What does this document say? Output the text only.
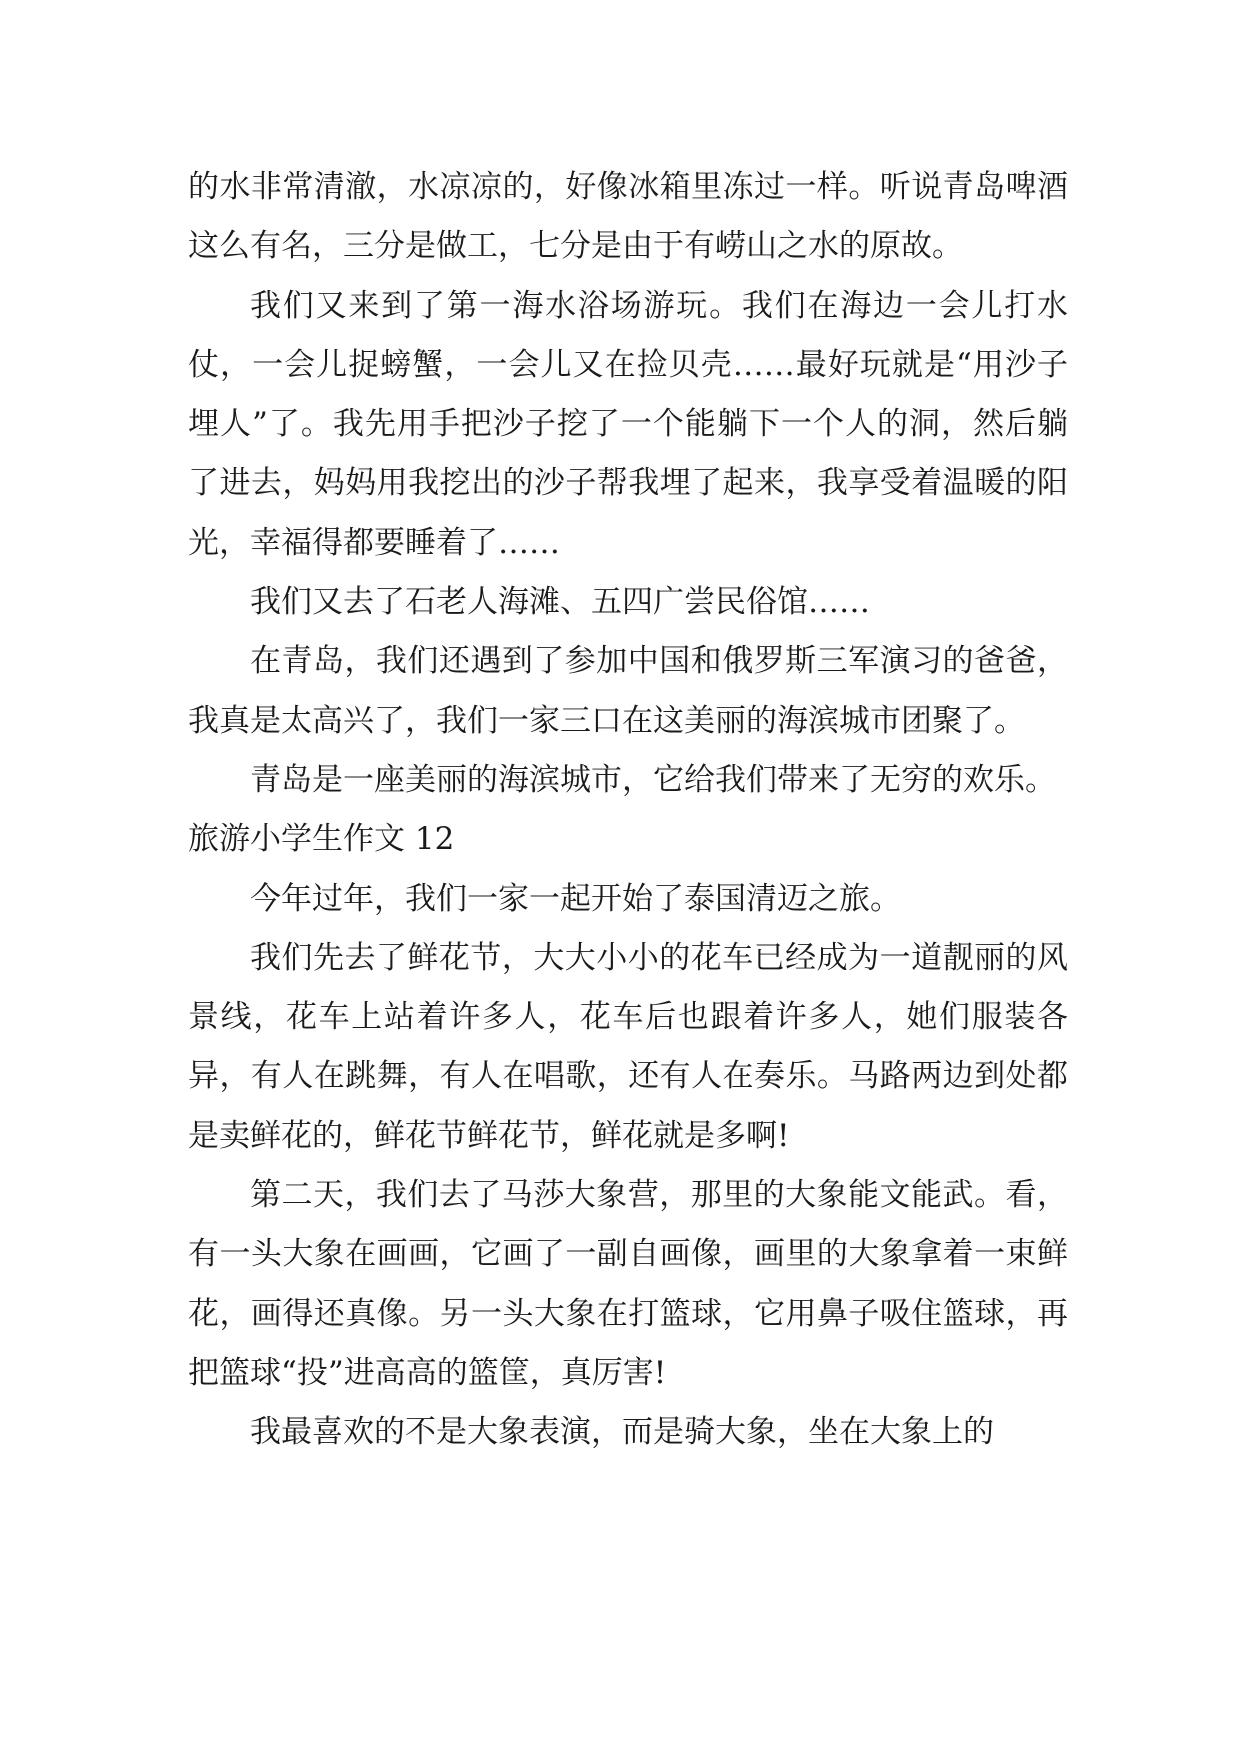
的水非常清澈，水凉凉的，好像冰箱里冻过一样。听说青岛啤酒这么有名，三分是做工，七分是由于有崂山之水的原故。

我们又来到了第一海水浴场游玩。我们在海边一会儿打水仗，一会儿捉螃蟹，一会儿又在捡贝壳……最好玩就是“用沙子埋人”了。我先用手把沙子挖了一个能躺下一个人的洞，然后躺了进去，妈妈用我挖出的沙子帮我埋了起来，我享受着温暖的阳光，幸福得都要睡着了……

我们又去了石老人海滩、五四广尝民俗馆……

在青岛，我们还遇到了参加中国和俄罗斯三军演习的爸爸，我真是太高兴了，我们一家三口在这美丽的海滨城市团聚了。

青岛是一座美丽的海滨城市，它给我们带来了无穷的欢乐。

旅游小学生作文 12

今年过年，我们一家一起开始了泰国清迈之旅。

我们先去了鲜花节，大大小小的花车已经成为一道靓丽的风景线，花车上站着许多人，花车后也跟着许多人，她们服装各异，有人在跳舞，有人在唱歌，还有人在奏乐。马路两边到处都是卖鲜花的，鲜花节鲜花节，鲜花就是多啊!

第二天，我们去了马莎大象营，那里的大象能文能武。看，有一头大象在画画，它画了一副自画像，画里的大象拿着一束鲜花，画得还真像。另一头大象在打篮球，它用鼻子吸住篮球，再把篮球“投”进高高的篮筐，真厉害!

我最喜欢的不是大象表演，而是骑大象，坐在大象上的
